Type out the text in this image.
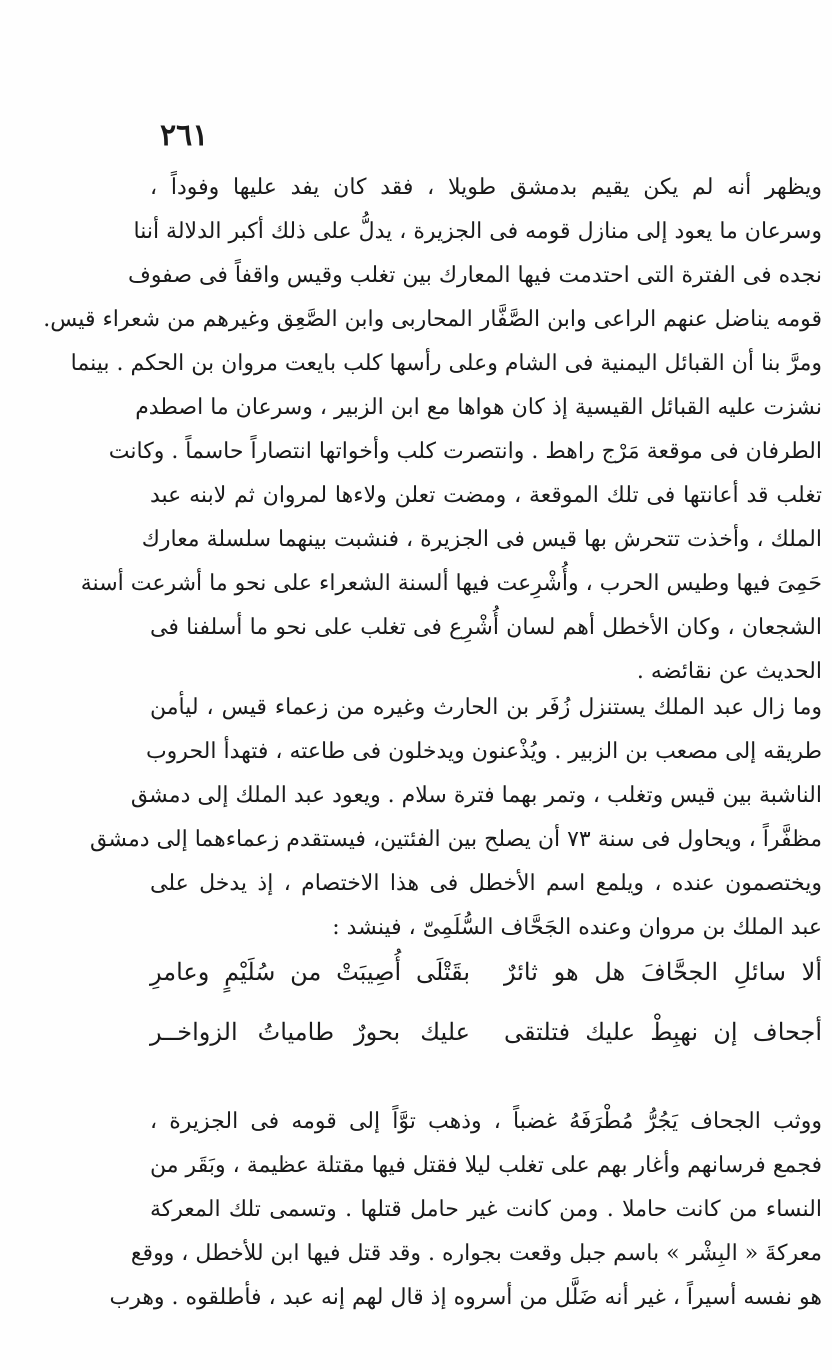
٢٦١
ويظهر أنه لم يكن يقيم بدمشق طويلا ، فقد كان يفد عليها وفوداً ،
وسرعان ما يعود إلى منازل قومه فى الجزيرة ، يدلُّ على ذلك أكبر الدلالة أننا
نجده فى الفترة التى احتدمت فيها المعارك بين تغلب وقيس واقفاً فى صفوف
قومه يناضل عنهم الراعى وابن الصَّفَّار المحاربى وابن الصَّعِق وغيرهم من شعراء قيس.
ومرَّ بنا أن القبائل اليمنية فى الشام وعلى رأسها كلب بايعت مروان بن الحكم . بينما
نشزت عليه القبائل القيسية إذ كان هواها مع ابن الزبير ، وسرعان ما اصطدم
الطرفان فى موقعة مَرْج راهط . وانتصرت كلب وأخواتها انتصاراً حاسماً . وكانت
تغلب قد أعانتها فى تلك الموقعة ، ومضت تعلن ولاءها لمروان ثم لابنه عبد
الملك ، وأخذت تتحرش بها قيس فى الجزيرة ، فنشبت بينهما سلسلة معارك
حَمِىَ فيها وطيس الحرب ، وأُشْرِعت فيها ألسنة الشعراء على نحو ما أشرعت أسنة
الشجعان ، وكان الأخطل أهم لسان أُشْرِع فى تغلب على نحو ما أسلفنا فى
الحديث عن نقائضه .
وما زال عبد الملك يستنزل زُفَر بن الحارث وغيره من زعماء قيس ، ليأمن
طريقه إلى مصعب بن الزبير . ويُذْعنون ويدخلون فى طاعته ، فتهدأ الحروب
الناشبة بين قيس وتغلب ، وتمر بهما فترة سلام . ويعود عبد الملك إلى دمشق
مظفَّراً ، ويحاول فى سنة ٧٣ أن يصلح بين الفئتين، فيستقدم زعماءهما إلى دمشق
ويختصمون عنده ، ويلمع اسم الأخطل فى هذا الاختصام ، إذ يدخل على
عبد الملك بن مروان وعنده الجَحَّاف السُّلَمِىّ ، فينشد :
ألا سائلِ الجحَّافَ هل هو ثائرٌ
بقَتْلَى أُصِيبَتْ من سُلَيْمٍ وعامرِ
أجحاف إن نهبِطْ عليك فتلتقى
عليك بحورٌ طامياتُ الزواخــر
ووثب الجحاف يَجُرُّ مُطْرَفَهُ غضباً ، وذهب توَّاً إلى قومه فى الجزيرة ،
فجمع فرسانهم وأغار بهم على تغلب ليلا فقتل فيها مقتلة عظيمة ، وبَقَر من
النساء من كانت حاملا . ومن كانت غير حامل قتلها . وتسمى تلك المعركة
معركةَ « البِشْر » باسم جبل وقعت بجواره . وقد قتل فيها ابن للأخطل ، ووقع
هو نفسه أسيراً ، غير أنه ضَلَّل من أسروه إذ قال لهم إنه عبد ، فأطلقوه . وهرب
